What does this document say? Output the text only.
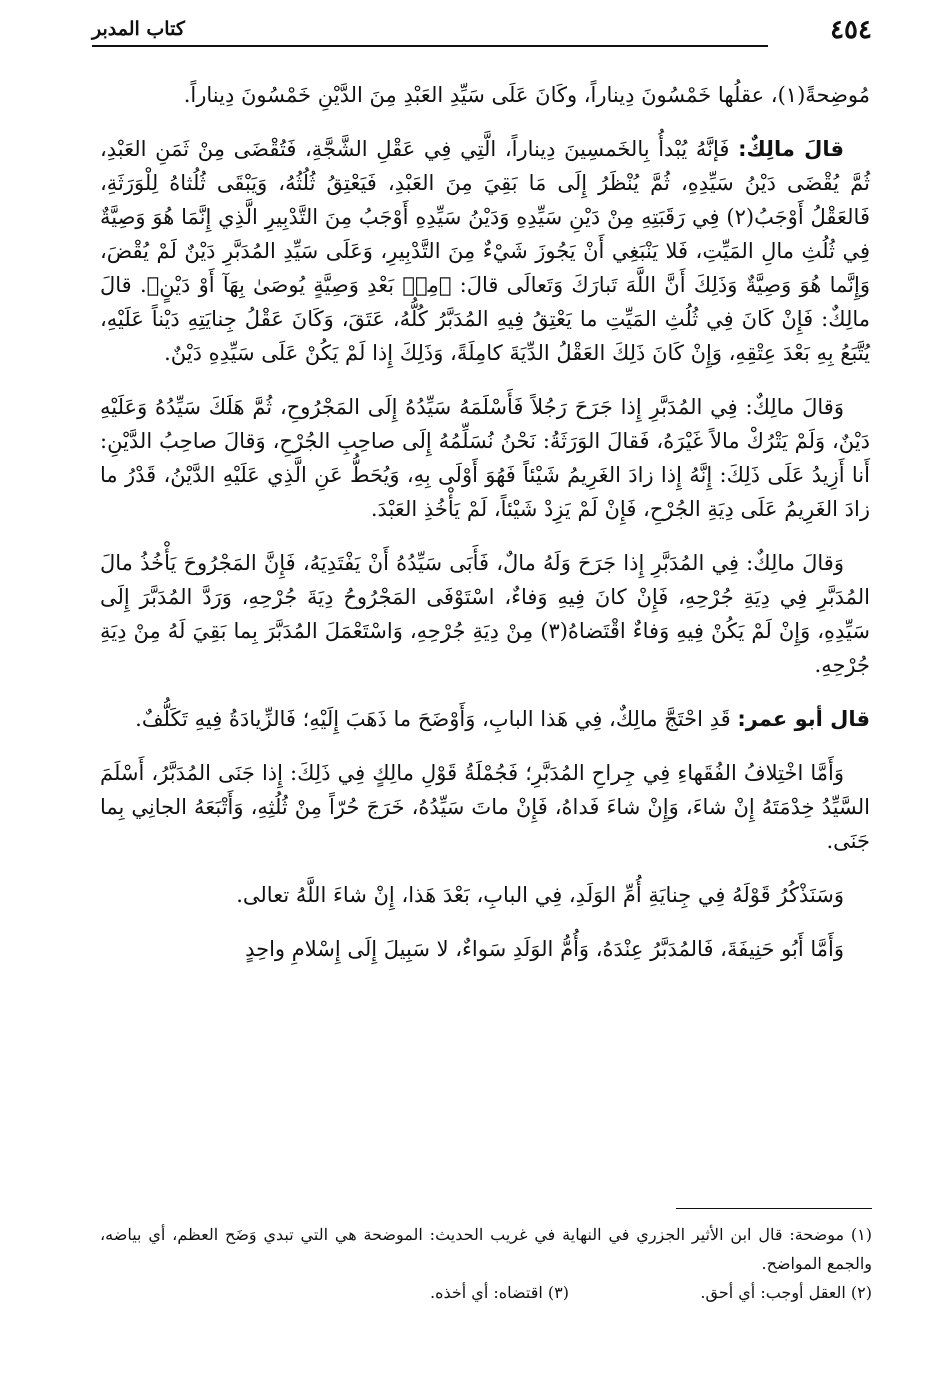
٤٥٤
كتاب المدبر

مُوضِحةً(١)، عقلُها خَمْسُونَ دِيناراً، وكَانَ عَلَى سَيِّدِ العَبْدِ مِنَ الدَّيْنِ خَمْسُونَ دِيناراً.

قالَ مالِكٌ: فَإنَّهُ يُبْدأُ بِالخَمسِينَ دِيناراً، الَّتِي فِي عَقْلِ الشَّجَّةِ، فَتُقْضَى مِنْ ثَمَنِ العَبْدِ، ثُمَّ يُقْضَى دَيْنُ سَيِّدِهِ، ثُمَّ يُنْظَرُ إِلَى مَا بَقِيَ مِنَ العَبْدِ، فَيَعْتِقُ ثُلُثُهُ، وَيَبْقَى ثُلُثاهُ لِلْوَرَثَةِ، فَالعَقْلُ أَوْجَبُ(٢) فِي رَقَبَتِهِ مِنْ دَيْنِ سَيِّدِهِ وَدَيْنُ سَيِّدِهِ أَوْجَبُ مِنَ التَّدْبِيرِ الَّذِي إِنَّمَا هُوَ وَصِيَّةٌ فِي ثُلُثِ مالِ المَيِّتِ، فَلا يَنْبَغِي أَنْ يَجُوزَ شَيْءٌ مِنَ التَّدْبِيرِ، وَعَلَى سَيِّدِ المُدَبَّرِ دَيْنٌ لَمْ يُقْضَ، وَإِنَّما هُوَ وَصِيَّةٌ وَذَلِكَ أَنَّ اللَّهَ تَبارَكَ وَتَعالَى قالَ: ﴿مِنۢ بَعْدِ وَصِيَّةٍ يُوصَىٰ بِهَآ أَوْ دَيْنٍ﴾. قالَ مالِكٌ: فَإِنْ كَانَ فِي ثُلُثِ المَيِّتِ ما يَعْتِقُ فِيهِ المُدَبَّرُ كُلُّهُ، عَتَقَ، وَكَانَ عَقْلُ جِنايَتِهِ دَيْناً عَلَيْهِ، يُتَّبَعُ بِهِ بَعْدَ عِتْقِهِ، وَإِنْ كَانَ ذَلِكَ العَقْلُ الدِّيَةَ كامِلَةً، وَذَلِكَ إِذا لَمْ يَكُنْ عَلَى سَيِّدِهِ دَيْنٌ.

وَقالَ مالِكٌ: فِي المُدَبَّرِ إِذا جَرَحَ رَجُلاً فَأَسْلَمَهُ سَيِّدُهُ إِلَى المَجْرُوحِ، ثُمَّ هَلَكَ سَيِّدُهُ وَعَلَيْهِ دَيْنٌ، وَلَمْ يَتْرُكْ مالاً غَيْرَهُ، فَقالَ الوَرَثَةُ: نَحْنُ نُسَلِّمُهُ إِلَى صاحِبِ الجُرْحِ، وَقالَ صاحِبُ الدَّيْنِ: أَنا أَزِيدُ عَلَى ذَلِكَ: إِنَّهُ إِذا زادَ الغَرِيمُ شَيْئاً فَهُوَ أَوْلَى بِهِ، وَيُحَطُّ عَنِ الَّذِي عَلَيْهِ الدَّيْنُ، قَدْرُ ما زادَ الغَرِيمُ عَلَى دِيَةِ الجُرْحِ، فَإِنْ لَمْ يَزِدْ شَيْئاً، لَمْ يَأْخُذِ العَبْدَ.

وَقالَ مالِكٌ: فِي المُدَبَّرِ إِذا جَرَحَ وَلَهُ مالٌ، فَأَبَى سَيِّدُهُ أَنْ يَفْتَدِيَهُ، فَإِنَّ المَجْرُوحَ يَأْخُذُ مالَ المُدَبَّرِ فِي دِيَةِ جُرْحِهِ، فَإِنْ كانَ فِيهِ وَفاءٌ، اسْتَوْفَى المَجْرُوحُ دِيَةَ جُرْحِهِ، وَرَدَّ المُدَبَّرَ إِلَى سَيِّدِهِ، وَإِنْ لَمْ يَكُنْ فِيهِ وَفاءٌ اقْتَضاهُ(٣) مِنْ دِيَةِ جُرْحِهِ، وَاسْتَعْمَلَ المُدَبَّرَ بِما بَقِيَ لَهُ مِنْ دِيَةِ جُرْحِهِ.

قال أبو عمر: قَدِ احْتَجَّ مالِكٌ، فِي هَذا البابِ، وَأَوْضَحَ ما ذَهَبَ إِلَيْهِ؛ فَالزِّيادَةُ فِيهِ تَكَلُّفٌ.

وَأَمَّا اخْتِلافُ الفُقَهاءِ فِي جِراحِ المُدَبَّرِ؛ فَجُمْلَةُ قَوْلِ مالِكٍ فِي ذَلِكَ: إِذا جَنَى المُدَبَّرُ، أَسْلَمَ السَّيِّدُ خِدْمَتَهُ إِنْ شاءَ، وَإِنْ شاءَ فَداهُ، فَإِنْ ماتَ سَيِّدُهُ، خَرَجَ حُرّاً مِنْ ثُلُثِهِ، وَأَتْبَعَهُ الجانِي بِما جَنَى.

وَسَنَذْكُرُ قَوْلَهُ فِي جِنايَةِ أُمِّ الوَلَدِ، فِي البابِ، بَعْدَ هَذا، إِنْ شاءَ اللَّهُ تعالى.

وَأَمَّا أَبُو حَنِيفَةَ، فَالمُدَبَّرُ عِنْدَهُ، وَأُمُّ الوَلَدِ سَواءٌ، لا سَبِيلَ إِلَى إِسْلامِ واحِدٍ

(١) موضحة: قال ابن الأثير الجزري في النهاية في غريب الحديث: الموضحة هي التي تبدي وَضَح العظم، أي بياضه، والجمع المواضح.

(٢) العقل أوجب: أي أحق.
(٣) اقتضاه: أي أخذه.
